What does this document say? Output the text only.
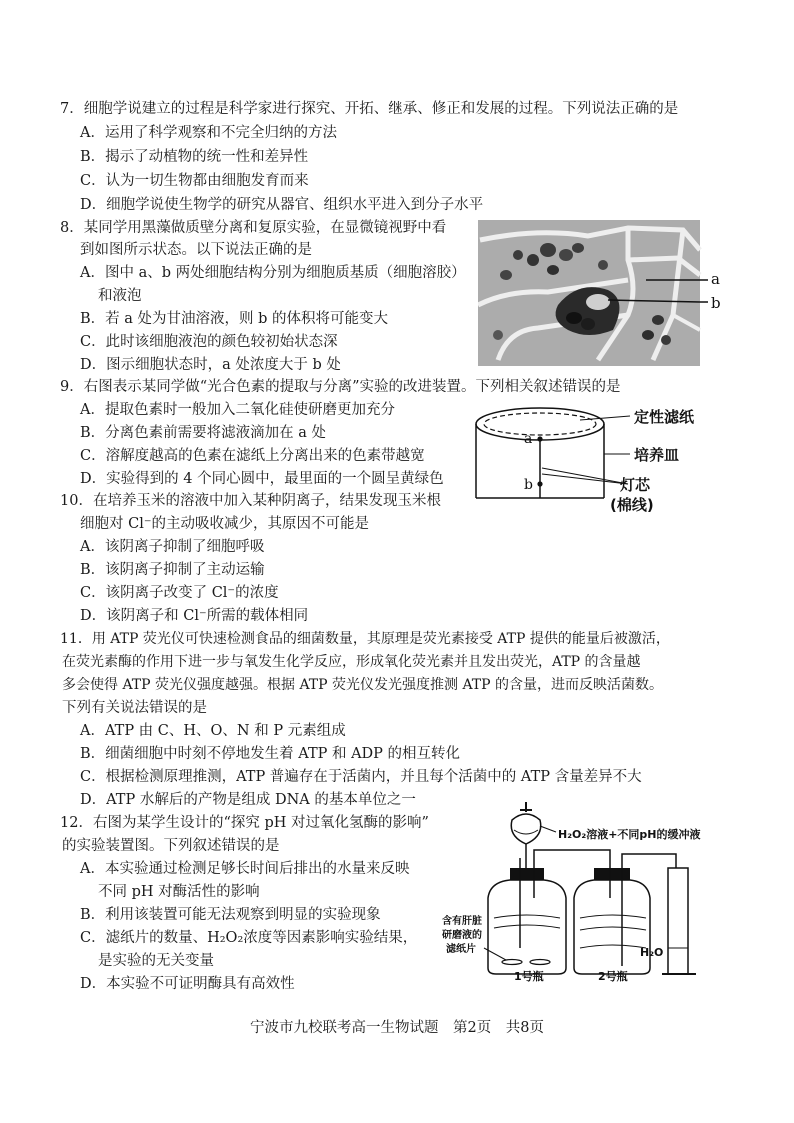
7．细胞学说建立的过程是科学家进行探究、开拓、继承、修正和发展的过程。下列说法正确的是
A．运用了科学观察和不完全归纳的方法
B．揭示了动植物的统一性和差异性
C．认为一切生物都由细胞发育而来
D．细胞学说使生物学的研究从器官、组织水平进入到分子水平
8．某同学用黑藻做质壁分离和复原实验，在显微镜视野中看
到如图所示状态。以下说法正确的是
A．图中 a、b 两处细胞结构分别为细胞质基质（细胞溶胶）
和液泡
B．若 a 处为甘油溶液，则 b 的体积将可能变大
C．此时该细胞液泡的颜色较初始状态深
D．图示细胞状态时，a 处浓度大于 b 处
a
b
9．右图表示某同学做“光合色素的提取与分离”实验的改进装置。下列相关叙述错误的是
A．提取色素时一般加入二氧化硅使研磨更加充分
B．分离色素前需要将滤液滴加在 a 处
C．溶解度越高的色素在滤纸上分离出来的色素带越宽
D．实验得到的 4 个同心圆中，最里面的一个圆呈黄绿色
a
b
定性滤纸
培养皿
灯芯
(棉线)
10．在培养玉米的溶液中加入某种阴离子，结果发现玉米根
细胞对 Cl⁻的主动吸收减少，其原因不可能是
A．该阴离子抑制了细胞呼吸
B．该阴离子抑制了主动运输
C．该阴离子改变了 Cl⁻的浓度
D．该阴离子和 Cl⁻所需的载体相同
11．用 ATP 荧光仪可快速检测食品的细菌数量，其原理是荧光素接受 ATP 提供的能量后被激活，
在荧光素酶的作用下进一步与氧发生化学反应，形成氧化荧光素并且发出荧光，ATP 的含量越
多会使得 ATP 荧光仪强度越强。根据 ATP 荧光仪发光强度推测 ATP 的含量，进而反映活菌数。
下列有关说法错误的是
A．ATP 由 C、H、O、N 和 P 元素组成
B．细菌细胞中时刻不停地发生着 ATP 和 ADP 的相互转化
C．根据检测原理推测，ATP 普遍存在于活菌内，并且每个活菌中的 ATP 含量差异不大
D．ATP 水解后的产物是组成 DNA 的基本单位之一
12．右图为某学生设计的“探究 pH 对过氧化氢酶的影响”
的实验装置图。下列叙述错误的是
A．本实验通过检测足够长时间后排出的水量来反映
不同 pH 对酶活性的影响
B．利用该装置可能无法观察到明显的实验现象
C．滤纸片的数量、H₂O₂浓度等因素影响实验结果，
是实验的无关变量
D．本实验不可证明酶具有高效性
H₂O₂溶液+不同pH的缓冲液
H₂O
含有肝脏
研磨液的
滤纸片
1号瓶	2号瓶
宁波市九校联考高一生物试题　第2页　共8页
